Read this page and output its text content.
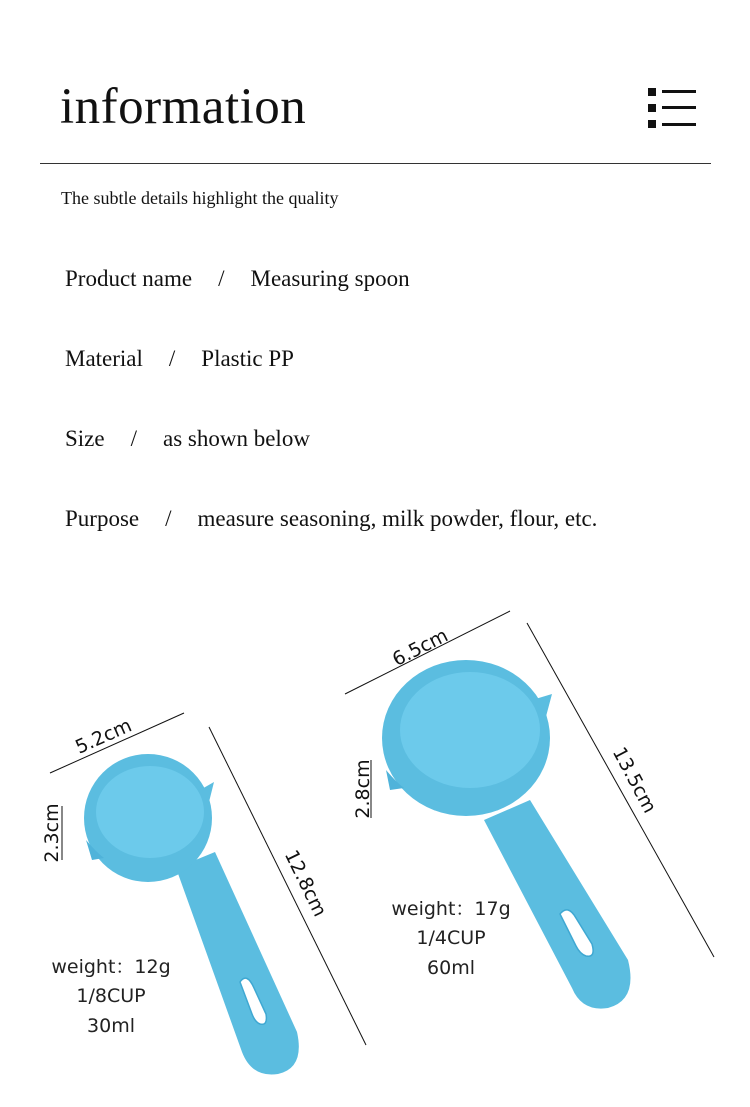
information
The subtle details highlight the quality
Product name / Measuring spoon
Material / Plastic PP
Size / as shown below
Purpose / measure seasoning, milk powder, flour, etc.
5.2cm
2.3cm
12.8cm
weight：12g
1/8CUP
30ml
6.5cm
2.8cm	13.5cm
weight：17g
1/4CUP
60ml
